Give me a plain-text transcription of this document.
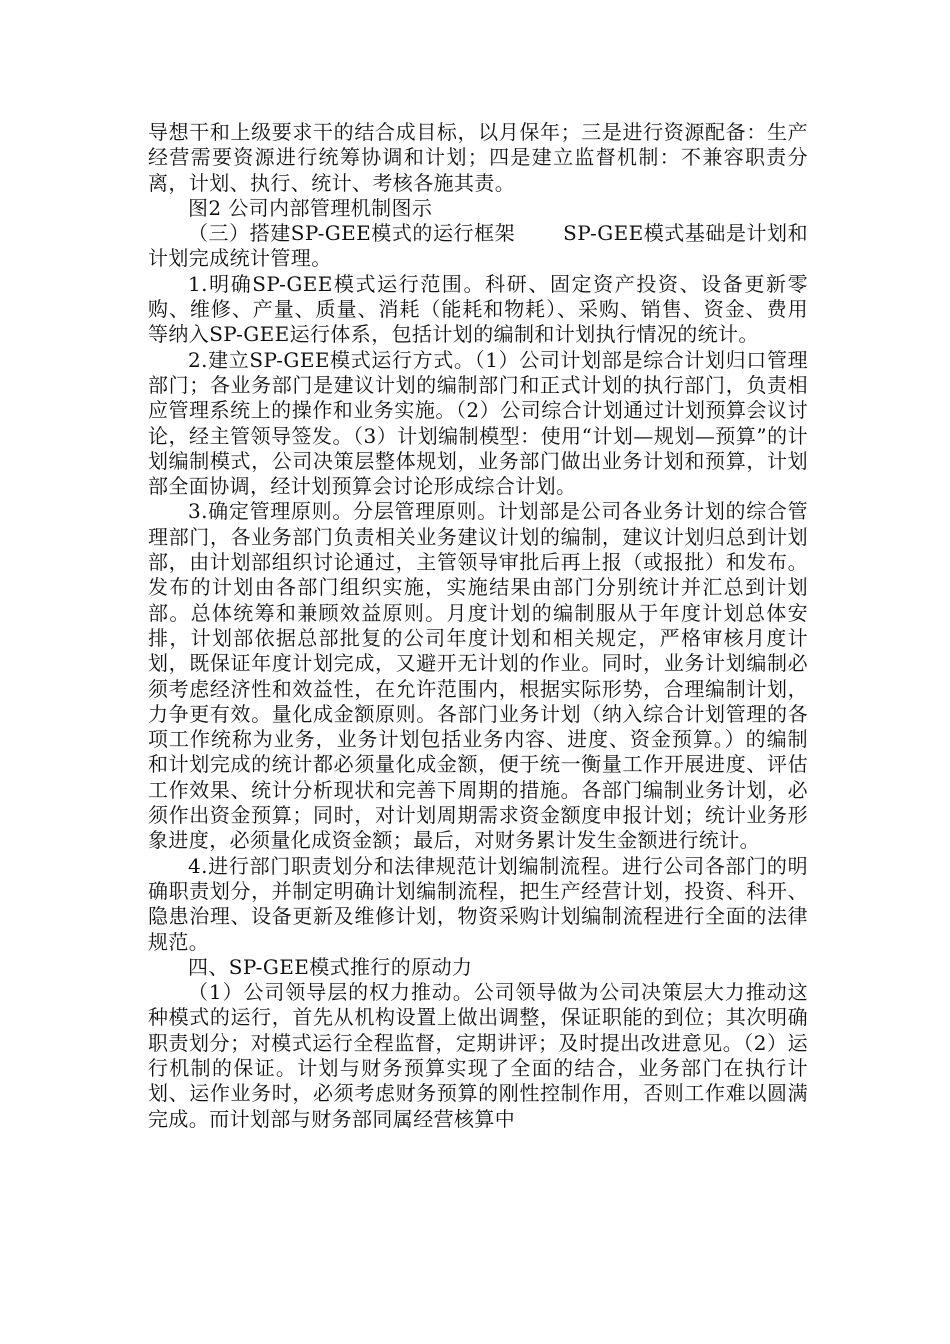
导想干和上级要求干的结合成目标，以月保年；三是进行资源配备：生产经营需要资源进行统筹协调和计划；四是建立监督机制：不兼容职责分离，计划、执行、统计、考核各施其责。

图2 公司内部管理机制图示

（三）搭建SP-GEE模式的运行框架　　 SP-GEE模式基础是计划和计划完成统计管理。

1.明确SP-GEE模式运行范围。科研、固定资产投资、设备更新零购、维修、产量、质量、消耗（能耗和物耗）、采购、销售、资金、费用等纳入SP-GEE运行体系，包括计划的编制和计划执行情况的统计。

2.建立SP-GEE模式运行方式。（1）公司计划部是综合计划归口管理部门；各业务部门是建议计划的编制部门和正式计划的执行部门，负责相应管理系统上的操作和业务实施。（2）公司综合计划通过计划预算会议讨论，经主管领导签发。（3）计划编制模型：使用“计划—规划—预算”的计划编制模式，公司决策层整体规划，业务部门做出业务计划和预算，计划部全面协调，经计划预算会讨论形成综合计划。

3.确定管理原则。分层管理原则。计划部是公司各业务计划的综合管理部门，各业务部门负责相关业务建议计划的编制，建议计划归总到计划部，由计划部组织讨论通过，主管领导审批后再上报（或报批）和发布。发布的计划由各部门组织实施，实施结果由部门分别统计并汇总到计划部。总体统筹和兼顾效益原则。月度计划的编制服从于年度计划总体安排，计划部依据总部批复的公司年度计划和相关规定，严格审核月度计划，既保证年度计划完成，又避开无计划的作业。同时，业务计划编制必须考虑经济性和效益性，在允许范围内，根据实际形势，合理编制计划，力争更有效。量化成金额原则。各部门业务计划（纳入综合计划管理的各项工作统称为业务，业务计划包括业务内容、进度、资金预算。）的编制和计划完成的统计都必须量化成金额，便于统一衡量工作开展进度、评估工作效果、统计分析现状和完善下周期的措施。各部门编制业务计划，必须作出资金预算；同时，对计划周期需求资金额度申报计划；统计业务形象进度，必须量化成资金额；最后，对财务累计发生金额进行统计。

4.进行部门职责划分和法律规范计划编制流程。进行公司各部门的明确职责划分，并制定明确计划编制流程，把生产经营计划，投资、科开、隐患治理、设备更新及维修计划，物资采购计划编制流程进行全面的法律规范。

四、SP-GEE模式推行的原动力

（1）公司领导层的权力推动。公司领导做为公司决策层大力推动这种模式的运行，首先从机构设置上做出调整，保证职能的到位；其次明确职责划分；对模式运行全程监督，定期讲评；及时提出改进意见。（2）运行机制的保证。计划与财务预算实现了全面的结合，业务部门在执行计划、运作业务时，必须考虑财务预算的刚性控制作用，否则工作难以圆满完成。而计划部与财务部同属经营核算中
